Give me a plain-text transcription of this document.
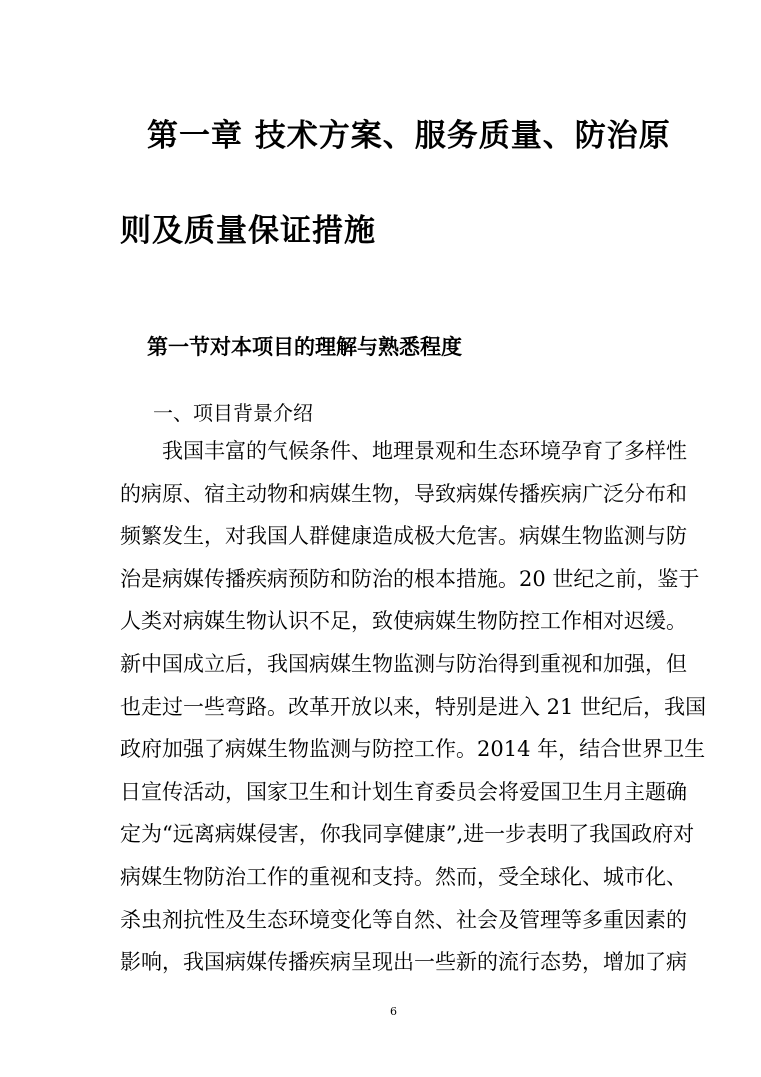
第一章 技术方案、服务质量、防治原
则及质量保证措施
第一节对本项目的理解与熟悉程度
一、项目背景介绍
我国丰富的气候条件、地理景观和生态环境孕育了多样性
的病原、宿主动物和病媒生物，导致病媒传播疾病广泛分布和
频繁发生，对我国人群健康造成极大危害。病媒生物监测与防
治是病媒传播疾病预防和防治的根本措施。20 世纪之前，鉴于
人类对病媒生物认识不足，致使病媒生物防控工作相对迟缓。
新中国成立后，我国病媒生物监测与防治得到重视和加强，但
也走过一些弯路。改革开放以来，特别是进入 21 世纪后，我国
政府加强了病媒生物监测与防控工作。2014 年，结合世界卫生
日宣传活动，国家卫生和计划生育委员会将爱国卫生月主题确
定为“远离病媒侵害，你我同享健康”,进一步表明了我国政府对
病媒生物防治工作的重视和支持。然而，受全球化、城市化、
杀虫剂抗性及生态环境变化等自然、社会及管理等多重因素的
影响，我国病媒传播疾病呈现出一些新的流行态势，增加了病
6
